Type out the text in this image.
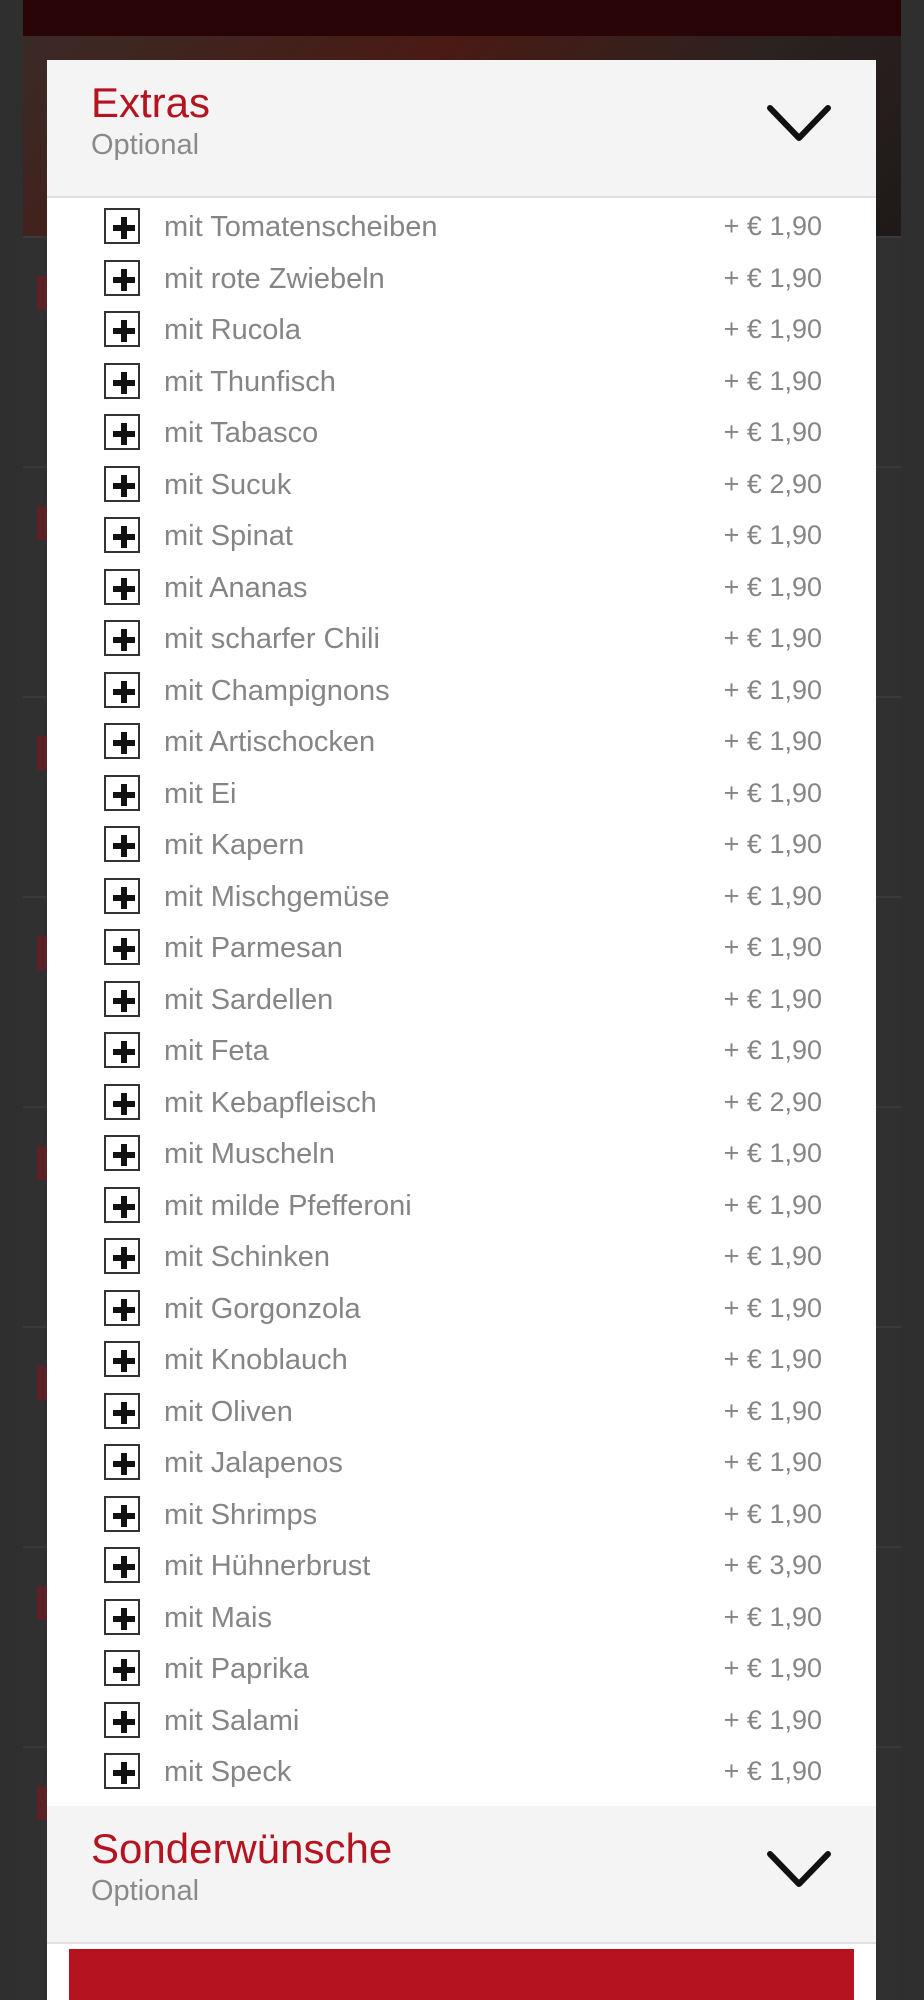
Extras
Optional
mit Tomatenscheiben	+ € 1,90
mit rote Zwiebeln	+ € 1,90
mit Rucola	+ € 1,90
mit Thunfisch	+ € 1,90
mit Tabasco	+ € 1,90
mit Sucuk	+ € 2,90
mit Spinat	+ € 1,90
mit Ananas	+ € 1,90
mit scharfer Chili	+ € 1,90
mit Champignons	+ € 1,90
mit Artischocken	+ € 1,90
mit Ei	+ € 1,90
mit Kapern	+ € 1,90
mit Mischgemüse	+ € 1,90
mit Parmesan	+ € 1,90
mit Sardellen	+ € 1,90
mit Feta	+ € 1,90
mit Kebapfleisch	+ € 2,90
mit Muscheln	+ € 1,90
mit milde Pfefferoni	+ € 1,90
mit Schinken	+ € 1,90
mit Gorgonzola	+ € 1,90
mit Knoblauch	+ € 1,90
mit Oliven	+ € 1,90
mit Jalapenos	+ € 1,90
mit Shrimps	+ € 1,90
mit Hühnerbrust	+ € 3,90
mit Mais	+ € 1,90
mit Paprika	+ € 1,90
mit Salami	+ € 1,90
mit Speck	+ € 1,90
Sonderwünsche
Optional
